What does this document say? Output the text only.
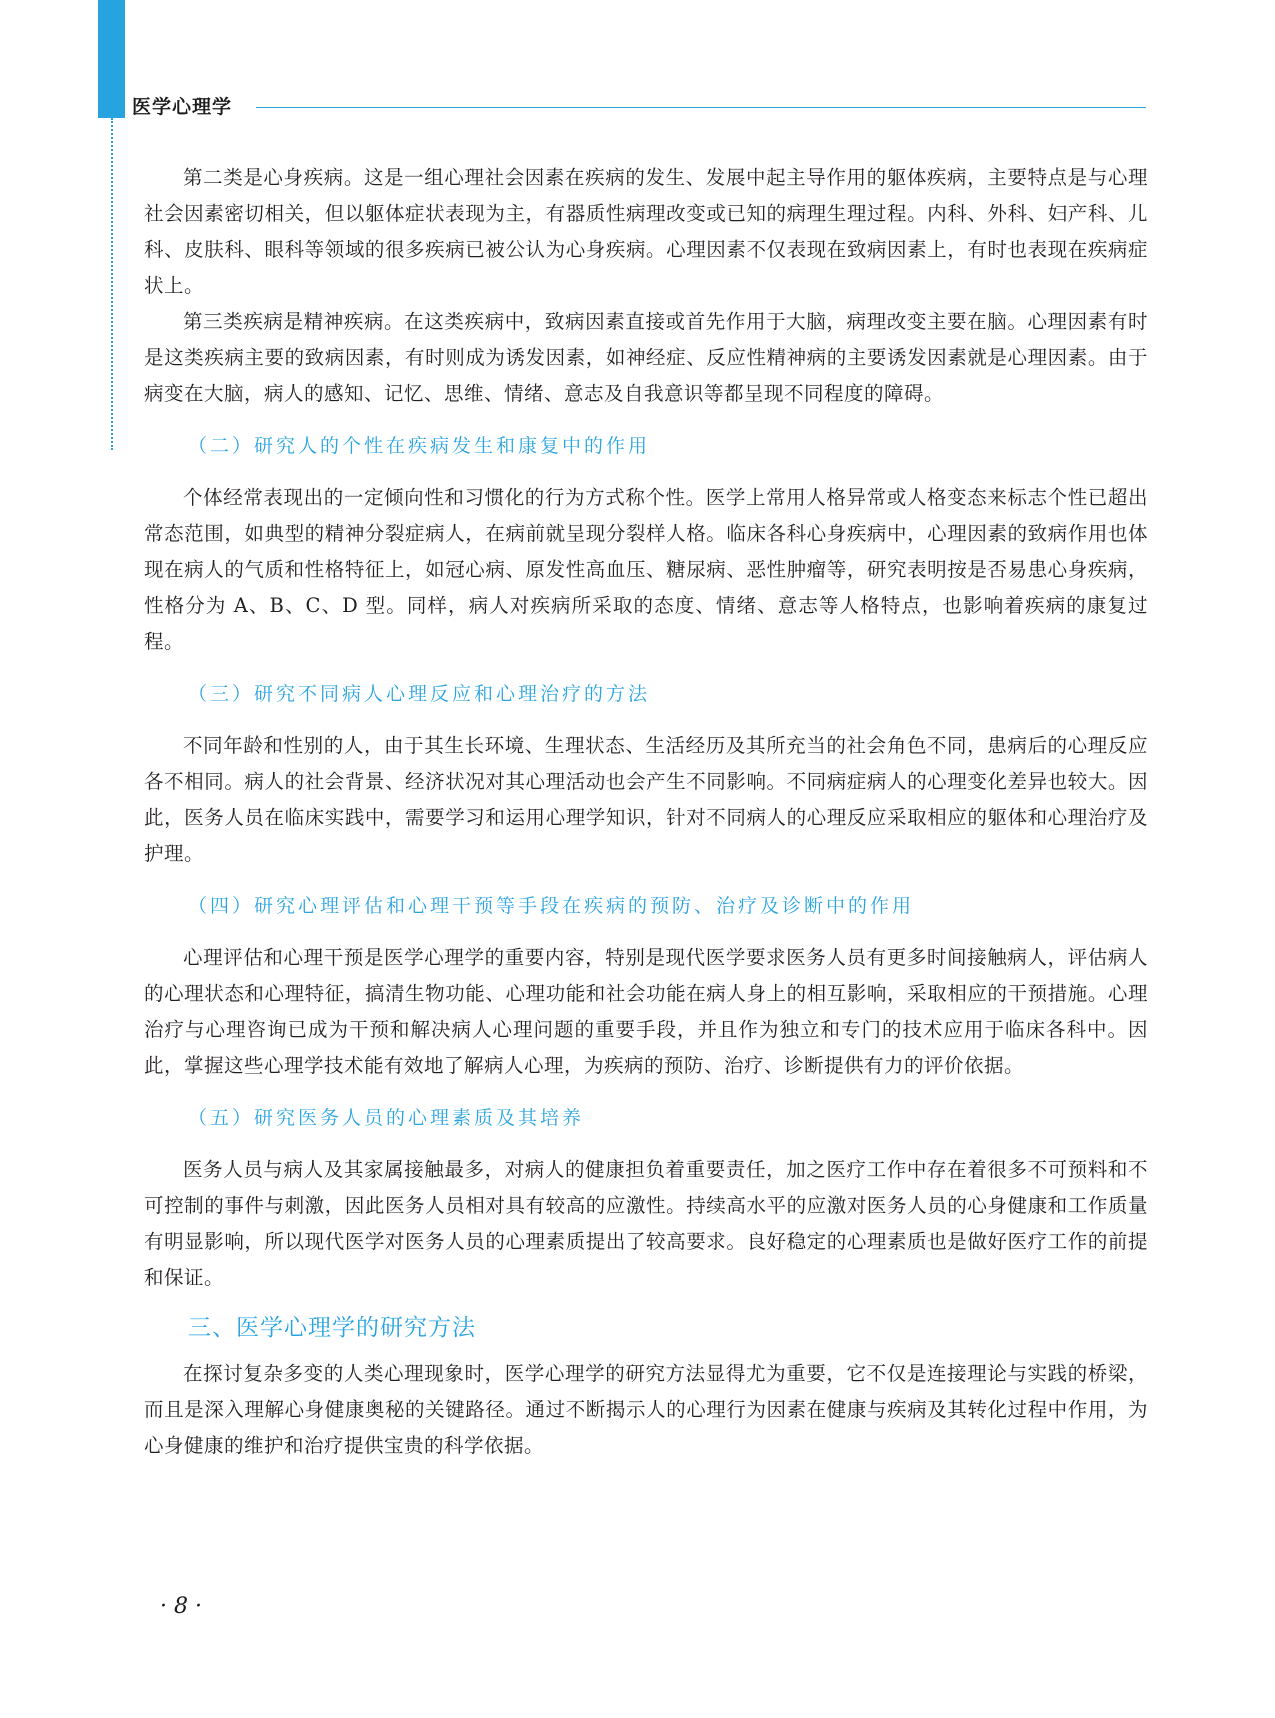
医学心理学

第二类是心身疾病。这是一组心理社会因素在疾病的发生、发展中起主导作用的躯体疾病，主要特点是与心理社会因素密切相关，但以躯体症状表现为主，有器质性病理改变或已知的病理生理过程。内科、外科、妇产科、儿科、皮肤科、眼科等领域的很多疾病已被公认为心身疾病。心理因素不仅表现在致病因素上，有时也表现在疾病症状上。

第三类疾病是精神疾病。在这类疾病中，致病因素直接或首先作用于大脑，病理改变主要在脑。心理因素有时是这类疾病主要的致病因素，有时则成为诱发因素，如神经症、反应性精神病的主要诱发因素就是心理因素。由于病变在大脑，病人的感知、记忆、思维、情绪、意志及自我意识等都呈现不同程度的障碍。

（二）研究人的个性在疾病发生和康复中的作用

个体经常表现出的一定倾向性和习惯化的行为方式称个性。医学上常用人格异常或人格变态来标志个性已超出常态范围，如典型的精神分裂症病人，在病前就呈现分裂样人格。临床各科心身疾病中，心理因素的致病作用也体现在病人的气质和性格特征上，如冠心病、原发性高血压、糖尿病、恶性肿瘤等，研究表明按是否易患心身疾病，性格分为 A、B、C、D 型。同样，病人对疾病所采取的态度、情绪、意志等人格特点，也影响着疾病的康复过程。

（三）研究不同病人心理反应和心理治疗的方法

不同年龄和性别的人，由于其生长环境、生理状态、生活经历及其所充当的社会角色不同，患病后的心理反应各不相同。病人的社会背景、经济状况对其心理活动也会产生不同影响。不同病症病人的心理变化差异也较大。因此，医务人员在临床实践中，需要学习和运用心理学知识，针对不同病人的心理反应采取相应的躯体和心理治疗及护理。

（四）研究心理评估和心理干预等手段在疾病的预防、治疗及诊断中的作用

心理评估和心理干预是医学心理学的重要内容，特别是现代医学要求医务人员有更多时间接触病人，评估病人的心理状态和心理特征，搞清生物功能、心理功能和社会功能在病人身上的相互影响，采取相应的干预措施。心理治疗与心理咨询已成为干预和解决病人心理问题的重要手段，并且作为独立和专门的技术应用于临床各科中。因此，掌握这些心理学技术能有效地了解病人心理，为疾病的预防、治疗、诊断提供有力的评价依据。

（五）研究医务人员的心理素质及其培养

医务人员与病人及其家属接触最多，对病人的健康担负着重要责任，加之医疗工作中存在着很多不可预料和不可控制的事件与刺激，因此医务人员相对具有较高的应激性。持续高水平的应激对医务人员的心身健康和工作质量有明显影响，所以现代医学对医务人员的心理素质提出了较高要求。良好稳定的心理素质也是做好医疗工作的前提和保证。

三、医学心理学的研究方法

在探讨复杂多变的人类心理现象时，医学心理学的研究方法显得尤为重要，它不仅是连接理论与实践的桥梁，而且是深入理解心身健康奥秘的关键路径。通过不断揭示人的心理行为因素在健康与疾病及其转化过程中作用，为心身健康的维护和治疗提供宝贵的科学依据。

· 8 ·
